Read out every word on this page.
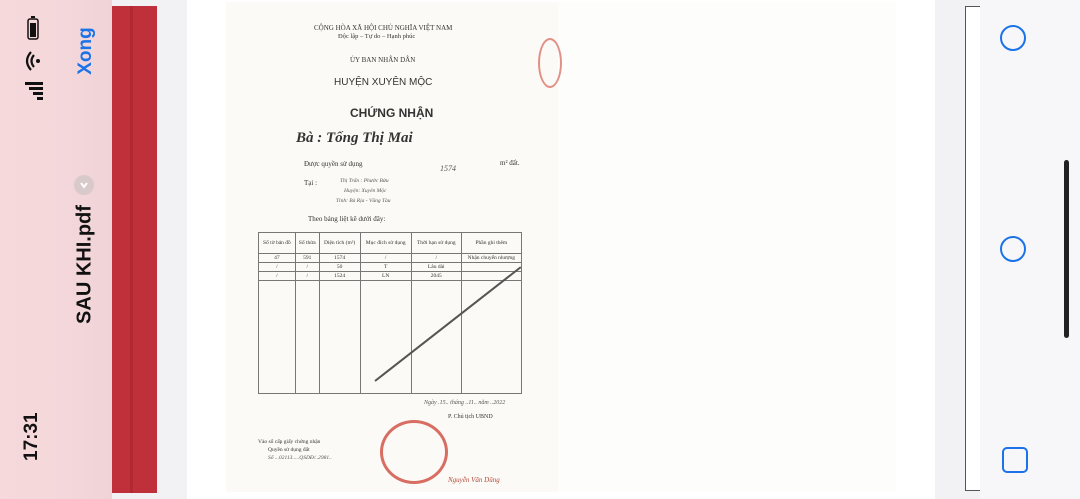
17:31
Xong
SAU KHI.pdf
CỘNG HÒA XÃ HỘI CHỦ NGHĨA VIỆT NAM
Độc lập – Tự do – Hạnh phúc
ỦY BAN NHÂN DÂN
HUYỆN XUYÊN MỘC
CHỨNG NHẬN
Bà : Tống Thị Mai
Được quyền sử dụng	1574
m² đất.
Tại :	Thị Trấn : Phước Bửu
Huyện: Xuyên Mộc
Tỉnh: Bà Rịa - Vũng Tàu
Theo bảng liệt kê dưới đây:
Số tờ bản đồ	Số thửa	Diện tích (m²)	Mục đích sử dụng	Thời hạn sử dụng	Phần ghi thêm
47	591	1574	/	/	Nhận chuyển nhượng
/	/	50	T	Lâu dài	
/	/	1524	LN	2045	

Ngày .15.. tháng ..11.. năm ..2022
P. Chủ tịch UBND
Vào sổ cấp giấy chứng nhận
Quyền sử dụng đất
Số ...02113.....QSDĐ/..2981..
Nguyễn Văn Dũng
